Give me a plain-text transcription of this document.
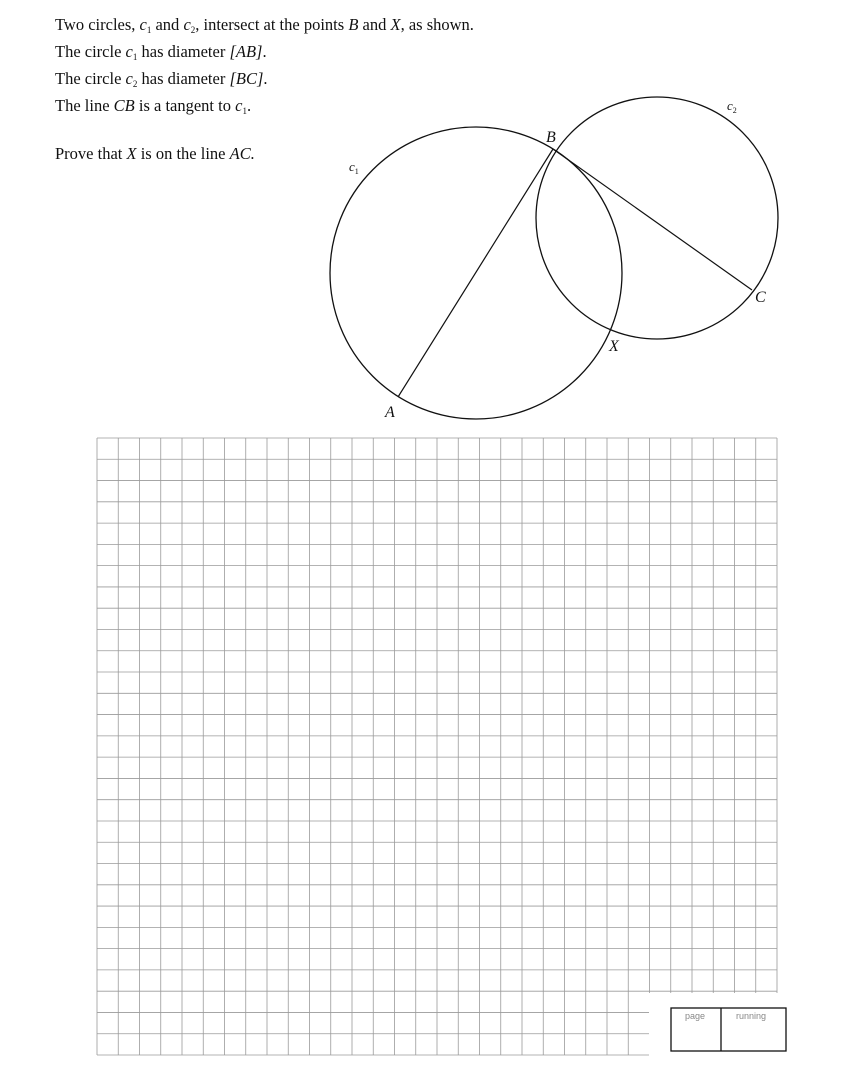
Two circles, $c_1$ and $c_2$, intersect at the points B and X, as shown.
The circle $c_1$ has diameter [AB].
The circle $c_2$ has diameter [BC].
The line CB is a tangent to $c_1$.
Prove that X is on the line AC.
B
A
C
X
$c_1$
$c_2$
page	running
